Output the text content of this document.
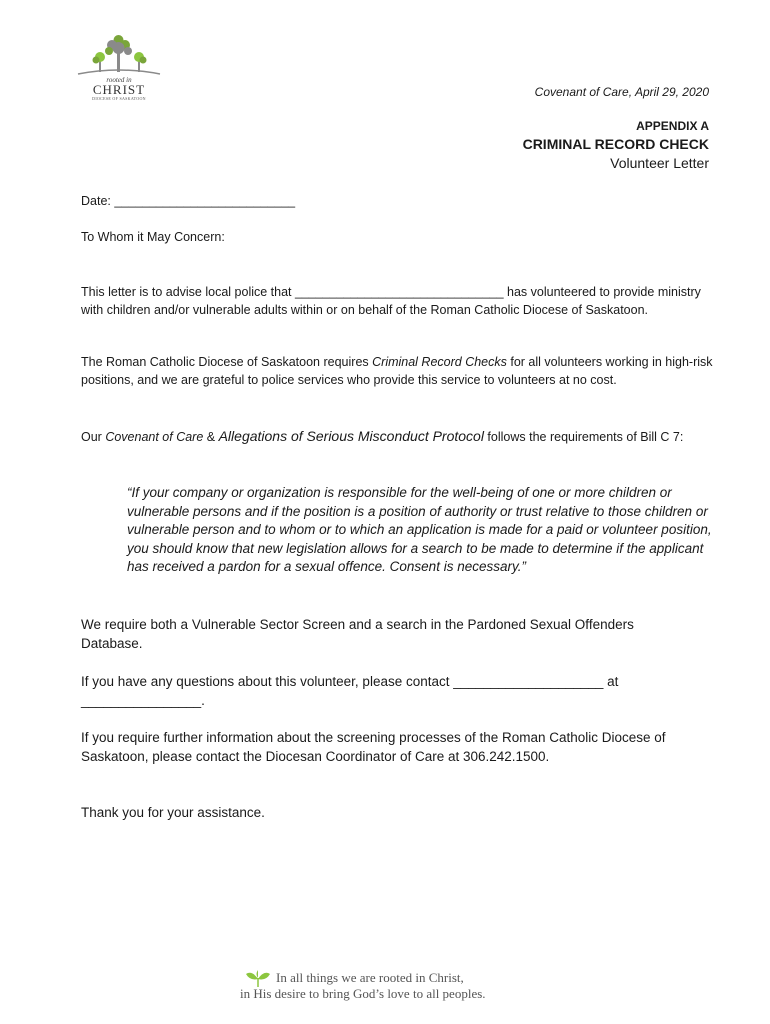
rooted in
CHRIST
DIOCESE OF SASKATOON	Covenant of Care, April 29, 2020
APPENDIX A
CRIMINAL RECORD CHECK
Volunteer Letter

Date: __________________________

To Whom it May Concern:

This letter is to advise local police that ______________________________ has volunteered to provide ministry with children and/or vulnerable adults within or on behalf of the Roman Catholic Diocese of Saskatoon.

The Roman Catholic Diocese of Saskatoon requires Criminal Record Checks for all volunteers working in high-risk positions, and we are grateful to police services who provide this service to volunteers at no cost.

Our Covenant of Care & Allegations of Serious Misconduct Protocol follows the requirements of Bill C 7:

“If your company or organization is responsible for the well-being of one or more children or vulnerable persons and if the position is a position of authority or trust relative to those children or vulnerable person and to whom or to which an application is made for a paid or volunteer position, you should know that new legislation allows for a search to be made to determine if the applicant has received a pardon for a sexual offence. Consent is necessary.”

We require both a Vulnerable Sector Screen and a search in the Pardoned Sexual Offenders Database.

If you have any questions about this volunteer, please contact ____________________ at ________________.

If you require further information about the screening processes of the Roman Catholic Diocese of Saskatoon, please contact the Diocesan Coordinator of Care at 306.242.1500.

Thank you for your assistance.

In all things we are rooted in Christ,
in His desire to bring God’s love to all peoples.
